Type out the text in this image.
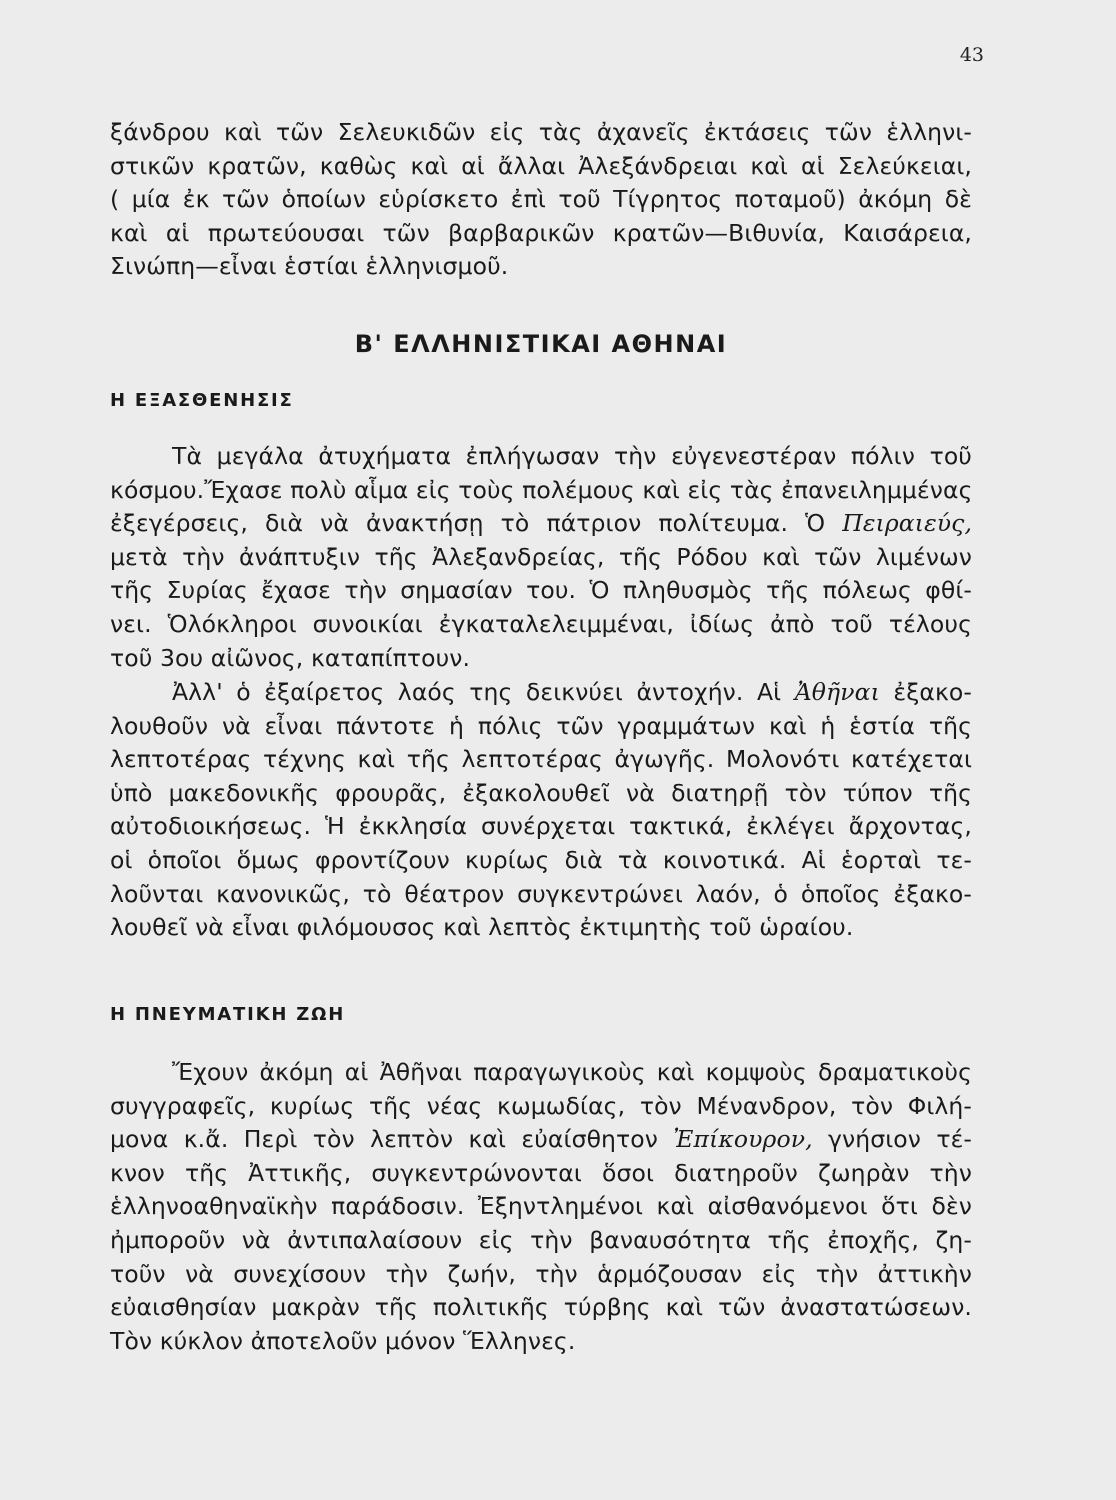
43

ξάνδρου καὶ τῶν Σελευκιδῶν εἰς τὰς ἀχανεῖς ἐκτάσεις τῶν ἑλληνι-
στικῶν κρατῶν, καθὼς καὶ αἱ ἄλλαι Ἀλεξάνδρειαι καὶ αἱ Σελεύκειαι,
( μία ἐκ τῶν ὁποίων εὑρίσκετο ἐπὶ τοῦ Τίγρητος ποταμοῦ) ἀκόμη δὲ
καὶ αἱ πρωτεύουσαι τῶν βαρβαρικῶν κρατῶν—Βιθυνία, Καισάρεια,
Σινώπη—εἶναι ἑστίαι ἑλληνισμοῦ.

Β' ΕΛΛΗΝΙΣΤΙΚΑΙ ΑΘΗΝΑΙ
Η ΕΞΑΣΘΕΝΗΣΙΣ

Τὰ μεγάλα ἀτυχήματα ἐπλήγωσαν τὴν εὐγενεστέραν πόλιν τοῦ
κόσμου.Ἔχασε πολὺ αἷμα εἰς τοὺς πολέμους καὶ εἰς τὰς ἐπανειλημμένας
ἐξεγέρσεις, διὰ νὰ ἀνακτήσῃ τὸ πάτριον πολίτευμα. Ὁ Πειραιεύς,
μετὰ τὴν ἀνάπτυξιν τῆς Ἀλεξανδρείας, τῆς Ρόδου καὶ τῶν λιμένων
τῆς Συρίας ἔχασε τὴν σημασίαν του. Ὁ πληθυσμὸς τῆς πόλεως φθί-
νει. Ὁλόκληροι συνοικίαι ἐγκαταλελειμμέναι, ἰδίως ἀπὸ τοῦ τέλους
τοῦ 3ου αἰῶνος, καταπίπτουν.

Ἀλλ' ὁ ἐξαίρετος λαός της δεικνύει ἀντοχήν. Αἱ Ἀθῆναι ἐξακο-
λουθοῦν νὰ εἶναι πάντοτε ἡ πόλις τῶν γραμμάτων καὶ ἡ ἑστία τῆς
λεπτοτέρας τέχνης καὶ τῆς λεπτοτέρας ἀγωγῆς. Μολονότι κατέχεται
ὑπὸ μακεδονικῆς φρουρᾶς, ἐξακολουθεῖ νὰ διατηρῇ τὸν τύπον τῆς
αὐτοδιοικήσεως. Ἡ ἐκκλησία συνέρχεται τακτικά, ἐκλέγει ἄρχοντας,
οἱ ὁποῖοι ὅμως φροντίζουν κυρίως διὰ τὰ κοινοτικά. Αἱ ἑορταὶ τε-
λοῦνται κανονικῶς, τὸ θέατρον συγκεντρώνει λαόν, ὁ ὁποῖος ἐξακο-
λουθεῖ νὰ εἶναι φιλόμουσος καὶ λεπτὸς ἐκτιμητὴς τοῦ ὡραίου.

Η ΠΝΕΥΜΑΤΙΚΗ ΖΩΗ

Ἔχουν ἀκόμη αἱ Ἀθῆναι παραγωγικοὺς καὶ κομψοὺς δραματικοὺς
συγγραφεῖς, κυρίως τῆς νέας κωμωδίας, τὸν Μένανδρον, τὸν Φιλή-
μονα κ.ἄ. Περὶ τὸν λεπτὸν καὶ εὐαίσθητον Ἐπίκουρον, γνήσιον τέ-
κνον τῆς Ἀττικῆς, συγκεντρώνονται ὅσοι διατηροῦν ζωηρὰν τὴν
ἑλληνοαθηναϊκὴν παράδοσιν. Ἐξηντλημένοι καὶ αἰσθανόμενοι ὅτι δὲν
ἠμποροῦν νὰ ἀντιπαλαίσουν εἰς τὴν βαναυσότητα τῆς ἐποχῆς, ζη-
τοῦν νὰ συνεχίσουν τὴν ζωήν, τὴν ἁρμόζουσαν εἰς τὴν ἀττικὴν
εὐαισθησίαν μακρὰν τῆς πολιτικῆς τύρβης καὶ τῶν ἀναστατώσεων.
Τὸν κύκλον ἀποτελοῦν μόνον Ἕλληνες.
